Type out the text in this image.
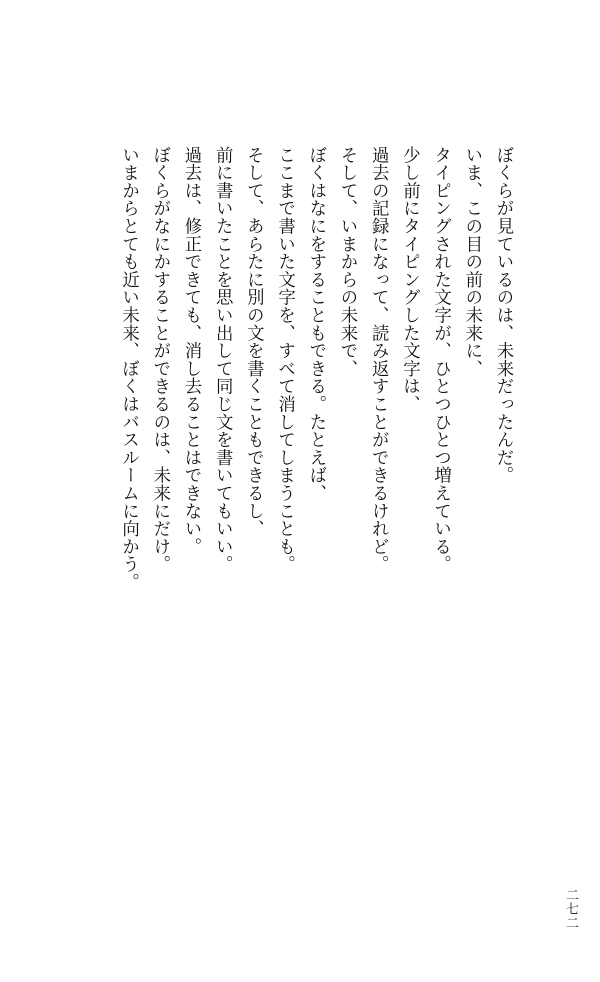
ぼくらが見ているのは、未来だったんだ。

いま、この目の前の未来に、

タイピングされた文字が、ひとつひとつ増えている。

少し前にタイピングした文字は、

過去の記録になって、読み返すことができるけれど。

そして、いまからの未来で、

ぼくはなにをすることもできる。たとえば、

ここまで書いた文字を、すべて消してしまうことも。

そして、あらたに別の文を書くこともできるし、

前に書いたことを思い出して同じ文を書いてもいい。

過去は、修正できても、消し去ることはできない。

ぼくらがなにかすることができるのは、未来にだけ。

いまからとても近い未来、ぼくはバスルームに向かう。

二七二
